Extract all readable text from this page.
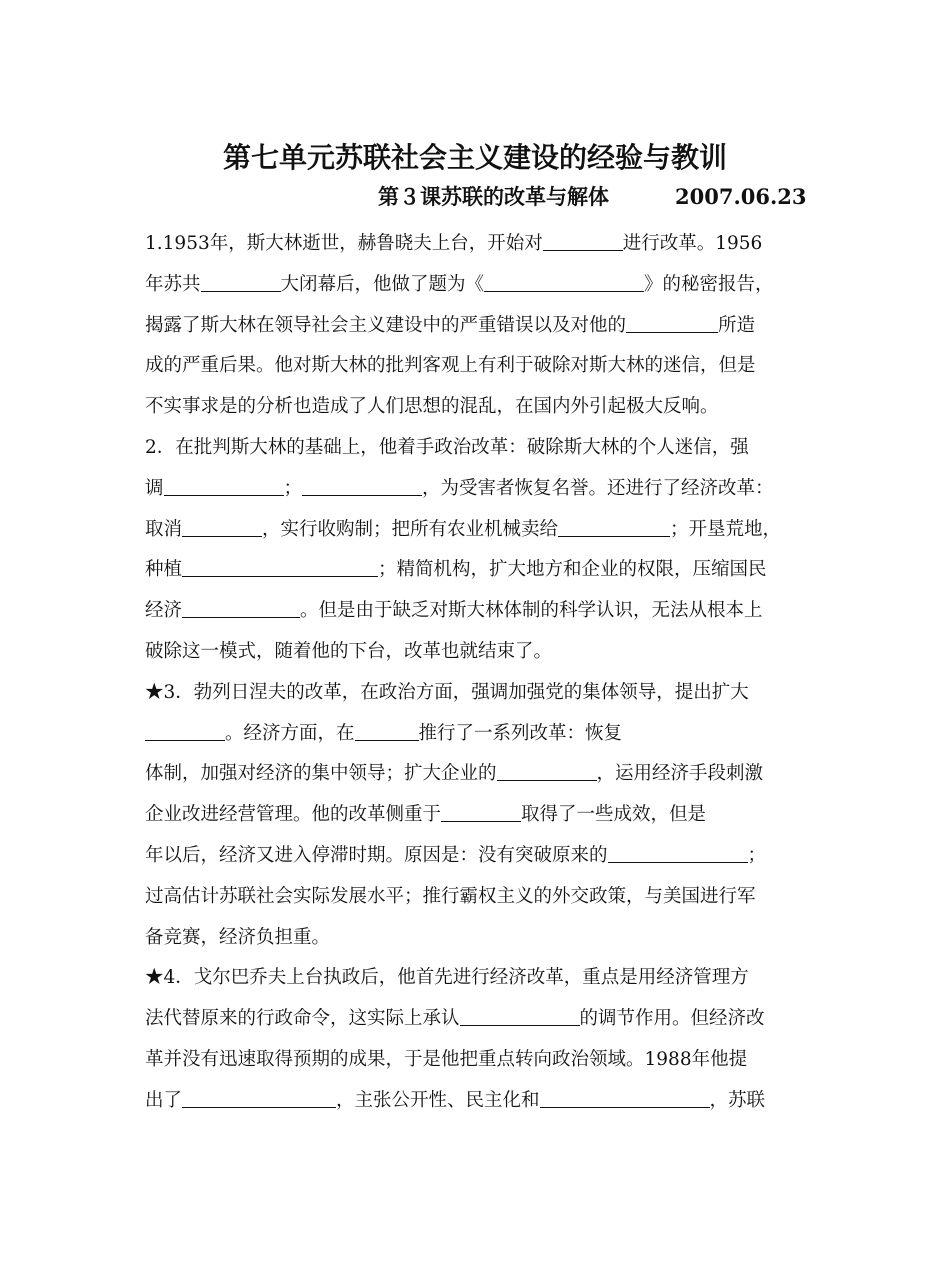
第七单元苏联社会主义建设的经验与教训
第３课苏联的改革与解体	2007.06.23
1.1953年，斯大林逝世，赫鲁晓夫上台，开始对	进行改革。1956
年苏共	大闭幕后，他做了题为《	》的秘密报告，
揭露了斯大林在领导社会主义建设中的严重错误以及对他的	所造
成的严重后果。他对斯大林的批判客观上有利于破除对斯大林的迷信，但是
不实事求是的分析也造成了人们思想的混乱，在国内外引起极大反响。
2．在批判斯大林的基础上，他着手政治改革：破除斯大林的个人迷信，强
调	；	，为受害者恢复名誉。还进行了经济改革：
取消	，实行收购制；把所有农业机械卖给	；开垦荒地，
种植	；精简机构，扩大地方和企业的权限，压缩国民
经济	。但是由于缺乏对斯大林体制的科学认识，无法从根本上
破除这一模式，随着他的下台，改革也就结束了。
★3．勃列日涅夫的改革，在政治方面，强调加强党的集体领导，提出扩大
。经济方面，在	推行了一系列改革：恢复
体制，加强对经济的集中领导；扩大企业的	，运用经济手段刺激
企业改进经营管理。他的改革侧重于	取得了一些成效，但是
年以后，经济又进入停滞时期。原因是：没有突破原来的	；
过高估计苏联社会实际发展水平；推行霸权主义的外交政策，与美国进行军
备竞赛，经济负担重。
★4．戈尔巴乔夫上台执政后，他首先进行经济改革，重点是用经济管理方
法代替原来的行政命令，这实际上承认	的调节作用。但经济改
革并没有迅速取得预期的成果，于是他把重点转向政治领域。1988年他提
出了	，主张公开性、民主化和	，苏联
